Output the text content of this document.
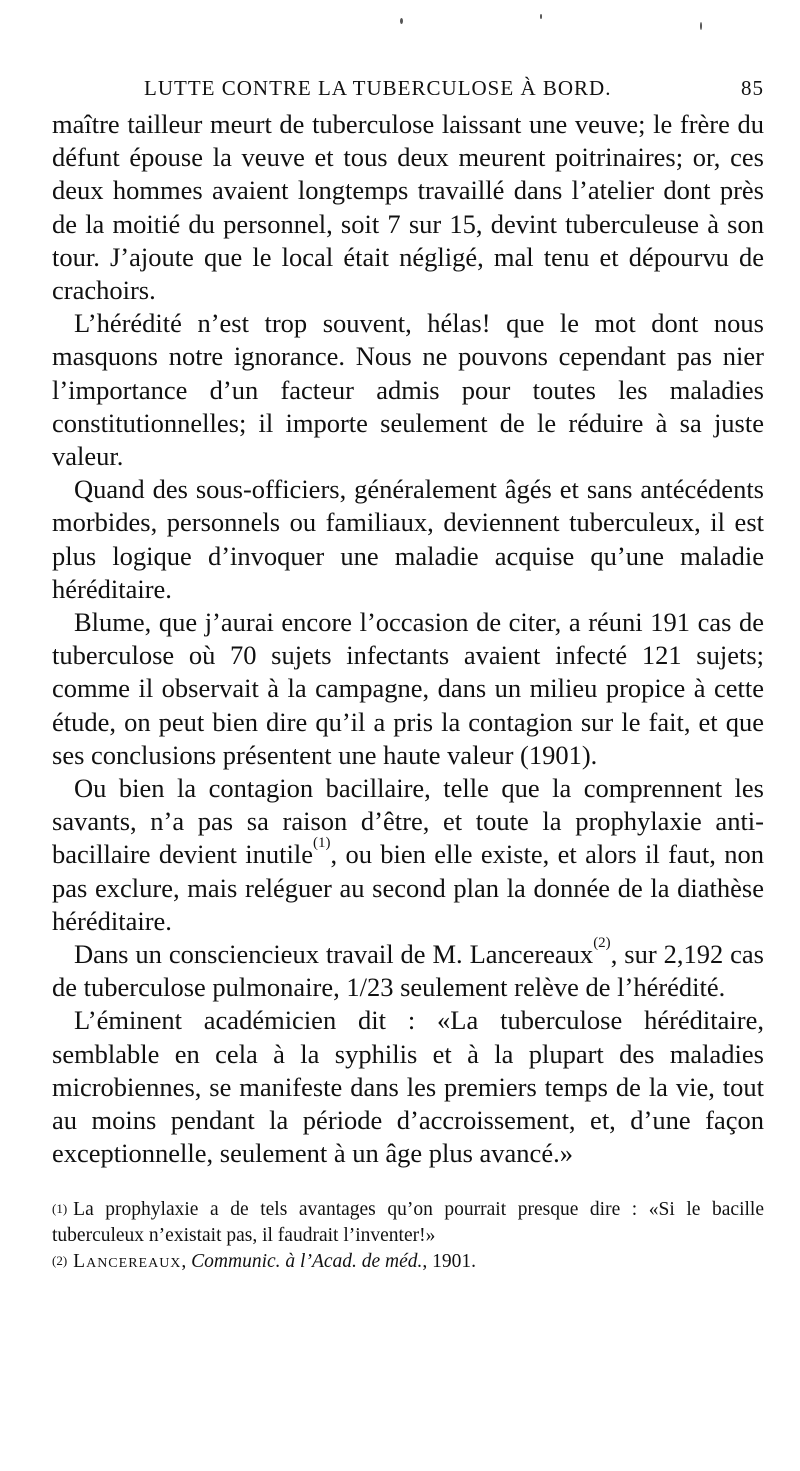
LUTTE CONTRE LA TUBERCULOSE À BORD.	85

maître tailleur meurt de tuberculose laissant une veuve; le frère du défunt épouse la veuve et tous deux meurent poitrinaires; or, ces deux hommes avaient longtemps travaillé dans l’atelier dont près de la moitié du personnel, soit 7 sur 15, devint tuberculeuse à son tour. J’ajoute que le local était négligé, mal tenu et dépourvu de crachoirs.

L’hérédité n’est trop souvent, hélas! que le mot dont nous masquons notre ignorance. Nous ne pouvons cependant pas nier l’importance d’un facteur admis pour toutes les maladies constitutionnelles; il importe seulement de le réduire à sa juste valeur.

Quand des sous-officiers, généralement âgés et sans antécédents morbides, personnels ou familiaux, deviennent tuberculeux, il est plus logique d’invoquer une maladie acquise qu’une maladie héréditaire.

Blume, que j’aurai encore l’occasion de citer, a réuni 191 cas de tuberculose où 70 sujets infectants avaient infecté 121 sujets; comme il observait à la campagne, dans un milieu propice à cette étude, on peut bien dire qu’il a pris la contagion sur le fait, et que ses conclusions présentent une haute valeur (1901).

Ou bien la contagion bacillaire, telle que la comprennent les savants, n’a pas sa raison d’être, et toute la prophylaxie anti-bacillaire devient inutile$^{(1)}$, ou bien elle existe, et alors il faut, non pas exclure, mais reléguer au second plan la donnée de la diathèse héréditaire.

Dans un consciencieux travail de M. Lancereaux$^{(2)}$, sur 2,192 cas de tuberculose pulmonaire, 1/23 seulement relève de l’hérédité.

L’éminent académicien dit : «La tuberculose héréditaire, semblable en cela à la syphilis et à la plupart des maladies microbiennes, se manifeste dans les premiers temps de la vie, tout au moins pendant la période d’accroissement, et, d’une façon exceptionnelle, seulement à un âge plus avancé.»

$^{(1)}$ La prophylaxie a de tels avantages qu’on pourrait presque dire : «Si le bacille tuberculeux n’existait pas, il faudrait l’inventer!»

$^{(2)}$ Lancereaux, Communic. à l’Acad. de méd., 1901.
